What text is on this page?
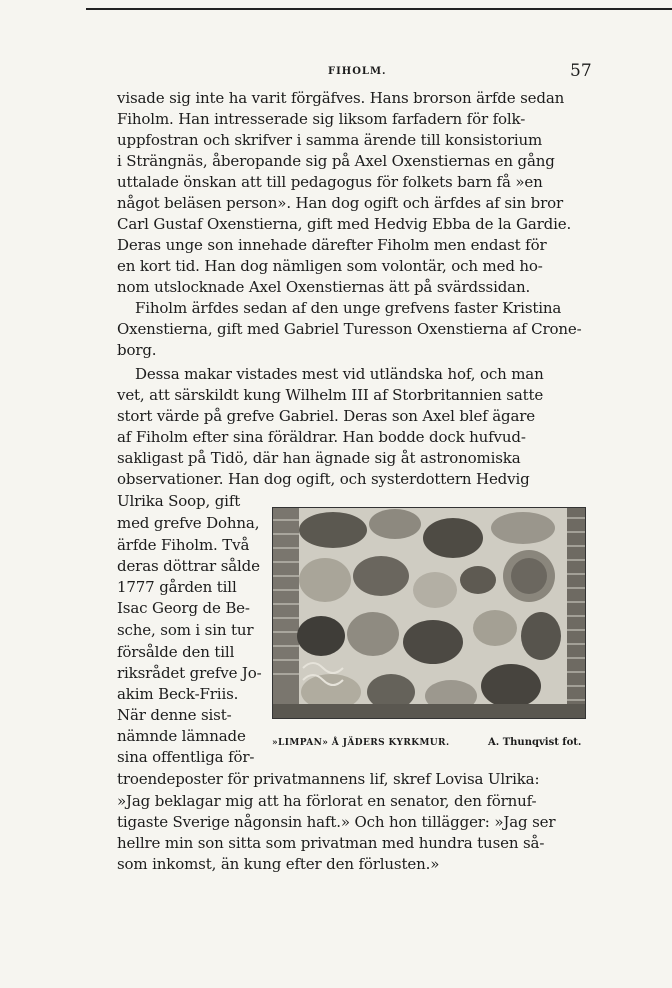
FIHOLM.	57
visade sig inte ha varit förgäfves. Hans brorson ärfde sedan
Fiholm. Han intresserade sig liksom farfadern för folk-
uppfostran och skrifver i samma ärende till konsistorium
i Strängnäs, åberopande sig på Axel Oxenstiernas en gång
uttalade önskan att till pedagogus för folkets barn få »en
något beläsen person». Han dog ogift och ärfdes af sin bror
Carl Gustaf Oxenstierna, gift med Hedvig Ebba de la Gardie.
Deras unge son innehade därefter Fiholm men endast för
en kort tid. Han dog nämligen som volontär, och med ho-
nom utslocknade Axel Oxenstiernas ätt på svärdssidan.
Fiholm ärfdes sedan af den unge grefvens faster Kristina
Oxenstierna, gift med Gabriel Turesson Oxenstierna af Crone-
borg.
Dessa makar vistades mest vid utländska hof, och man
vet, att särskildt kung Wilhelm III af Storbritannien satte
stort värde på grefve Gabriel. Deras son Axel blef ägare
af Fiholm efter sina föräldrar. Han bodde dock hufvud-
sakligast på Tidö, där han ägnade sig åt astronomiska
observationer. Han dog ogift, och systerdottern Hedvig
Ulrika Soop, gift
med grefve Dohna,
ärfde Fiholm. Två
deras döttrar sålde
1777 gården till
Isac Georg de Be-
sche, som i sin tur
försålde den till
riksrådet grefve Jo-
akim Beck-Friis.
När denne sist-
nämnde lämnade
sina offentliga för-
»LIMPAN» Å JÄDERS KYRKMUR.	A. Thunqvist fot.
troendeposter för privatmannens lif, skref Lovisa Ulrika:
»Jag beklagar mig att ha förlorat en senator, den förnuf-
tigaste Sverige någonsin haft.» Och hon tillägger: »Jag ser
hellre min son sitta som privatman med hundra tusen så-
som inkomst, än kung efter den förlusten.»
